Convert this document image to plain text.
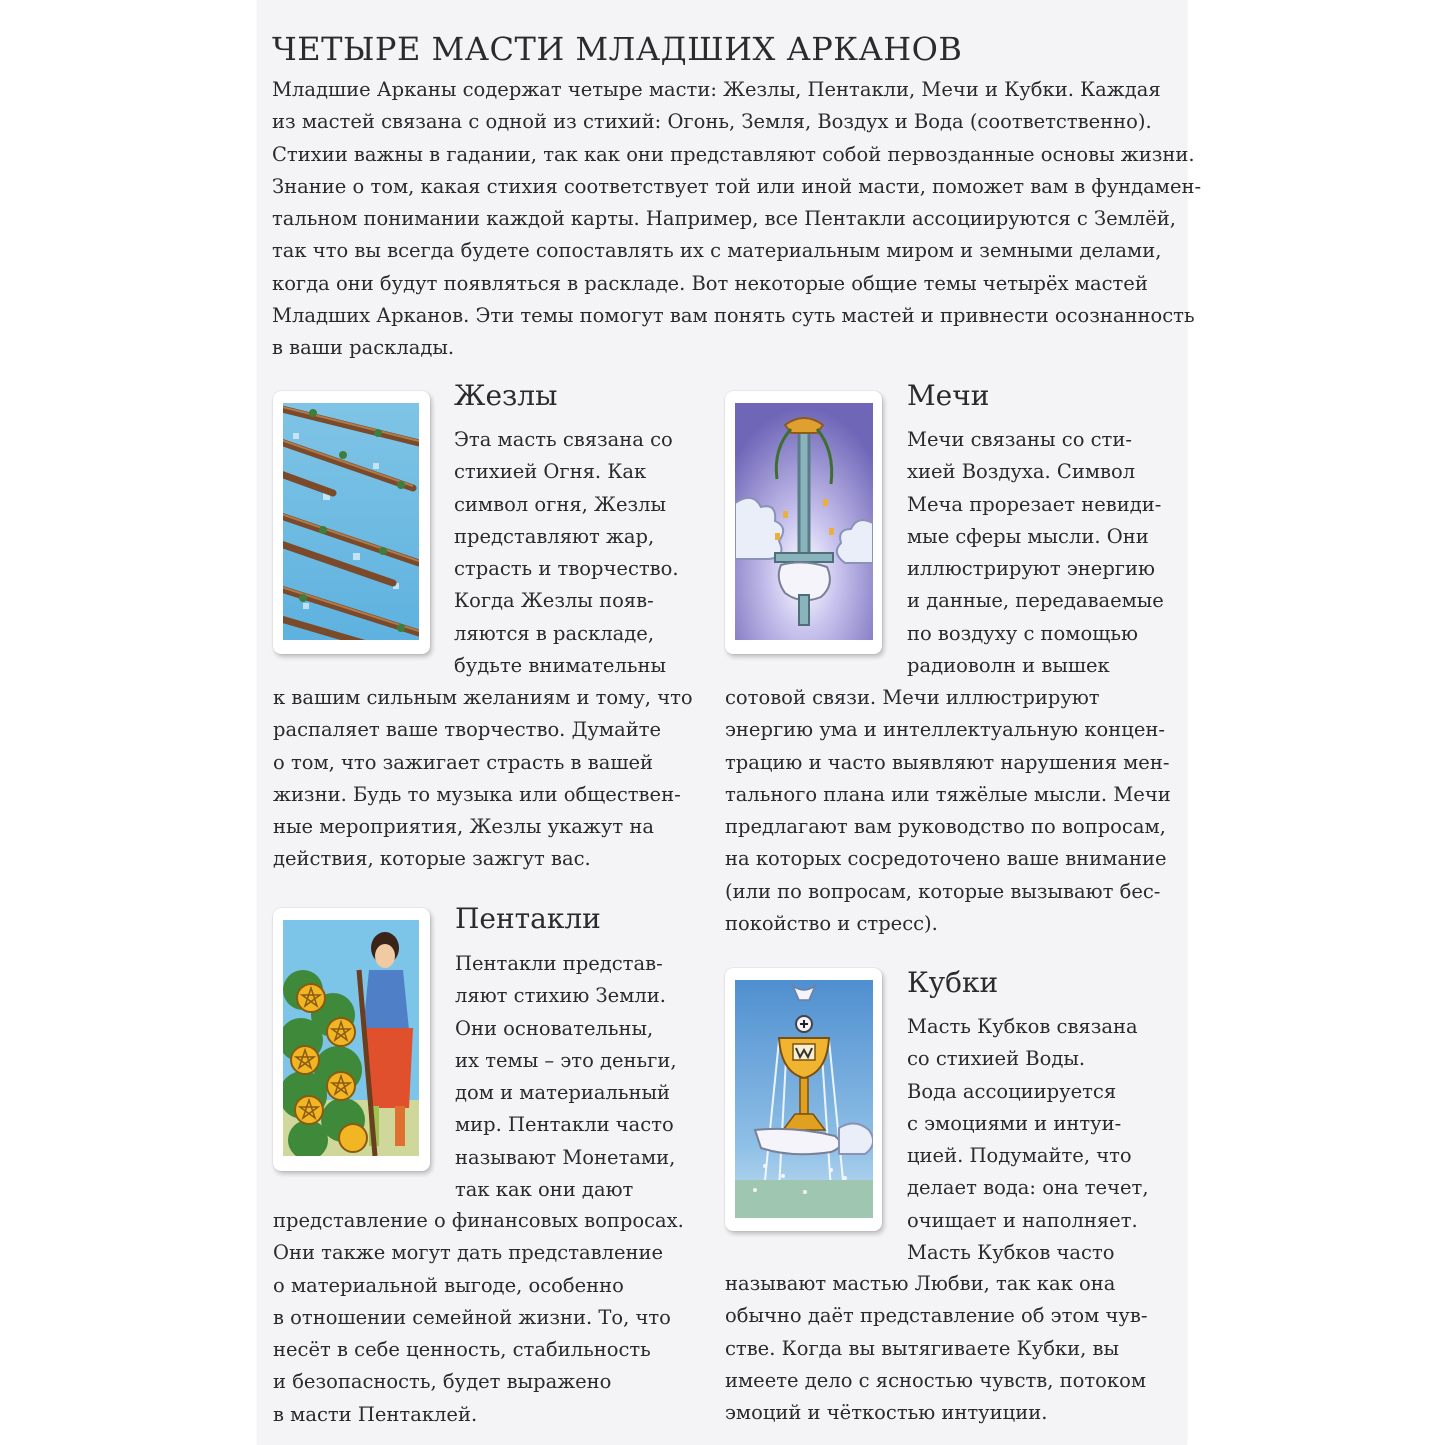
ЧЕТЫРЕ МАСТИ МЛАДШИХ АРКАНОВ
Младшие Арканы содержат четыре масти: Жезлы, Пентакли, Мечи и Кубки. Каждая
из мастей связана с одной из стихий: Огонь, Земля, Воздух и Вода (соответственно).
Стихии важны в гадании, так как они представляют собой первозданные основы жизни.
Знание о том, какая стихия соответствует той или иной масти, поможет вам в фундамен-
тальном понимании каждой карты. Например, все Пентакли ассоциируются с Землёй,
так что вы всегда будете сопоставлять их с материальным миром и земными делами,
когда они будут появляться в раскладе. Вот некоторые общие темы четырёх мастей
Младших Арканов. Эти темы помогут вам понять суть мастей и привнести осознанность
в ваши расклады.
Жезлы
Эта масть связана со
стихией Огня. Как
символ огня, Жезлы
представляют жар,
страсть и творчество.
Когда Жезлы появ-
ляются в раскладе,
будьте внимательны
к вашим сильным желаниям и тому, что
распаляет ваше творчество. Думайте
о том, что зажигает страсть в вашей
жизни. Будь то музыка или обществен-
ные мероприятия, Жезлы укажут на
действия, которые зажгут вас.
Мечи
Мечи связаны со сти-
хией Воздуха. Символ
Меча прорезает невиди-
мые сферы мысли. Они
иллюстрируют энергию
и данные, передаваемые
по воздуху с помощью
радиоволн и вышек
сотовой связи. Мечи иллюстрируют
энергию ума и интеллектуальную концен-
трацию и часто выявляют нарушения мен-
тального плана или тяжёлые мысли. Мечи
предлагают вам руководство по вопросам,
на которых сосредоточено ваше внимание
(или по вопросам, которые вызывают бес-
покойство и стресс).
Пентакли
Пентакли представ-
ляют стихию Земли.
Они основательны,
их темы – это деньги,
дом и материальный
мир. Пентакли часто
называют Монетами,
так как они дают
представление о финансовых вопросах.
Они также могут дать представление
о материальной выгоде, особенно
в отношении семейной жизни. То, что
несёт в себе ценность, стабильность
и безопасность, будет выражено
в масти Пентаклей.
Кубки
Масть Кубков связана
со стихией Воды.
Вода ассоциируется
с эмоциями и интуи-
цией. Подумайте, что
делает вода: она течет,
очищает и наполняет.
Масть Кубков часто
называют мастью Любви, так как она
обычно даёт представление об этом чув-
стве. Когда вы вытягиваете Кубки, вы
имеете дело с ясностью чувств, потоком
эмоций и чёткостью интуиции.
